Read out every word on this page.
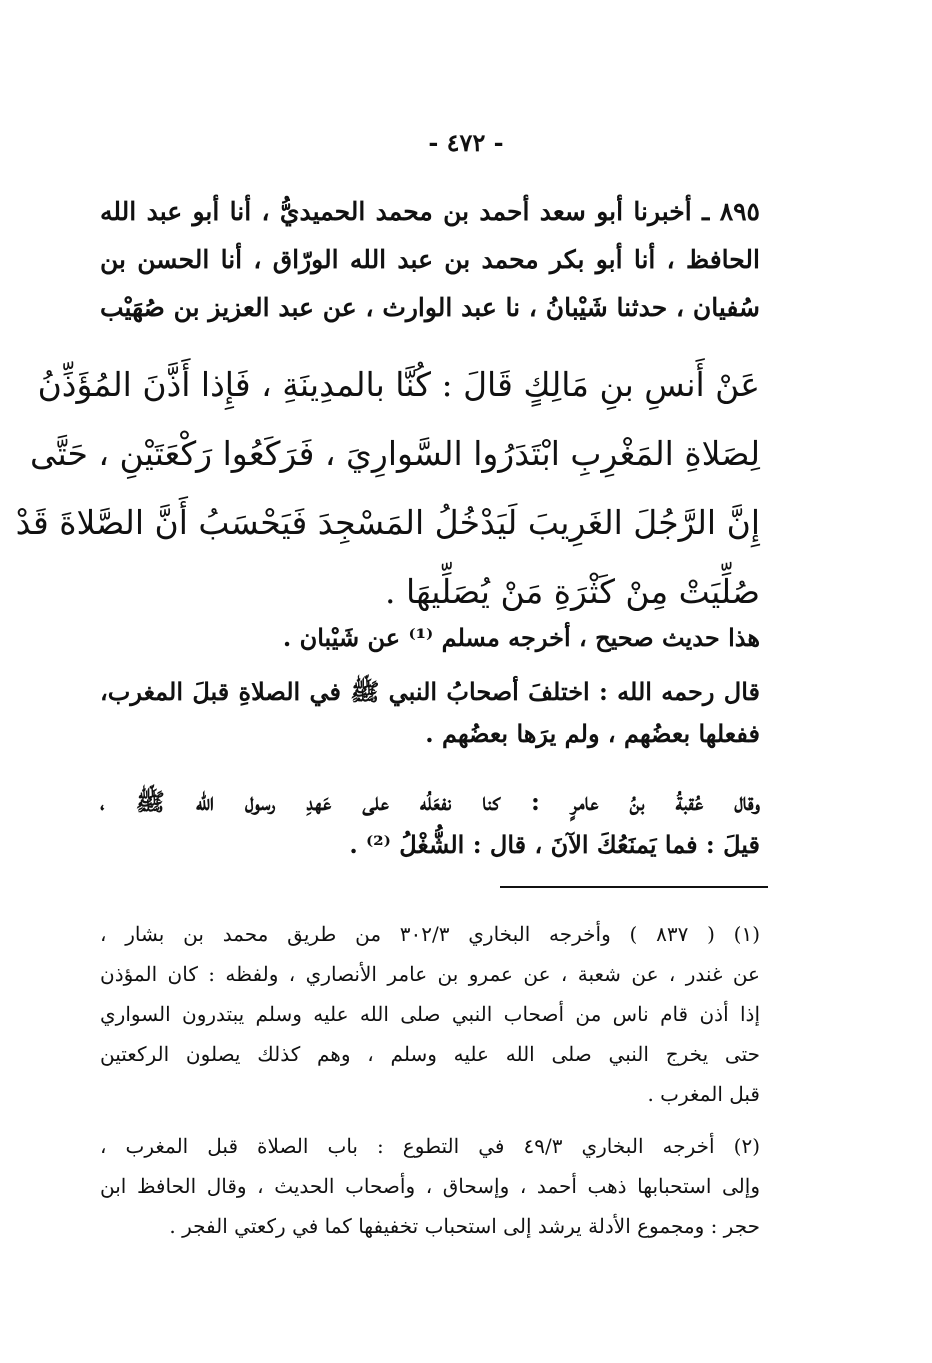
- ٤٧٢ -
٨٩٥ ـ أخبرنا أبو سعد أحمد بن محمد الحميديُّ ، أنا أبو عبد الله
الحافظ ، أنا أبو بكر محمد بن عبد الله الورّاق ، أنا الحسن بن
سُفيان ، حدثنا شَيْبانُ ، نا عبد الوارث ، عن عبد العزيز بن صُهَيْب
عَنْ أَنسِ بنِ مَالِكٍ قَالَ : كُنَّا بالمدِينَةِ ، فَإِذا أَذَّنَ المُؤَذِّنُ
لِصَلاةِ المَغْرِبِ ابْتَدَرُوا السَّوارِيَ ، فَرَكَعُوا رَكْعَتَيْنِ ، حَتَّى
إِنَّ الرَّجُلَ الغَرِيبَ لَيَدْخُلُ المَسْجِدَ فَيَحْسَبُ أَنَّ الصَّلاةَ قَدْ
صُلِّيَتْ مِنْ كَثْرَةِ مَنْ يُصَلِّيهَا .
هذا حديث صحيح ، أخرجه مسلم ⁽¹⁾ عن شَيْبان .
قال رحمه الله : اختلفَ أصحابُ النبي ﷺ في الصلاةِ قبلَ المغرب،
ففعلها بعضُهم ، ولم يرَها بعضُهم .
وقال عُقبةُ بنُ عامرٍ : كنا نفعَلُه على عَهدِ رسول الله ﷺ ،
قيلَ : فما يَمنَعُكَ الآنَ ، قال : الشُّغْلُ ⁽²⁾ .
(١) ( ٨٣٧ ) وأخرجه البخاري ٣٠٢/٣ من طريق محمد بن بشار ،
عن غندر ، عن شعبة ، عن عمرو بن عامر الأنصاري ، ولفظه : كان المؤذن
إذا أذن قام ناس من أصحاب النبي صلى الله عليه وسلم يبتدرون السواري
حتى يخرج النبي صلى الله عليه وسلم ، وهم كذلك يصلون الركعتين
قبل المغرب .
(٢) أخرجه البخاري ٤٩/٣ في التطوع : باب الصلاة قبل المغرب ،
وإلى استحبابها ذهب أحمد ، وإسحاق ، وأصحاب الحديث ، وقال الحافظ ابن
حجر : ومجموع الأدلة يرشد إلى استحباب تخفيفها كما في ركعتي الفجر .
